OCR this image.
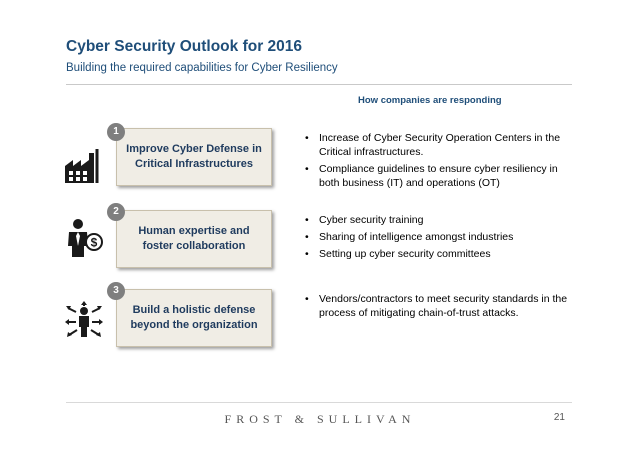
Cyber Security Outlook for 2016
Building the required capabilities for Cyber Resiliency
How companies are responding
1
Improve Cyber Defense in Critical Infrastructures
• Increase of Cyber Security Operation Centers in the Critical infrastructures.
• Compliance guidelines to ensure cyber resiliency in both business (IT) and operations (OT)
$
2
Human expertise and foster collaboration
• Cyber security training
• Sharing of intelligence amongst industries
• Setting up cyber security committees
3
Build a holistic defense beyond the organization
• Vendors/contractors to meet security standards in the process of mitigating chain-of-trust attacks.
FROST & SULLIVAN	21
